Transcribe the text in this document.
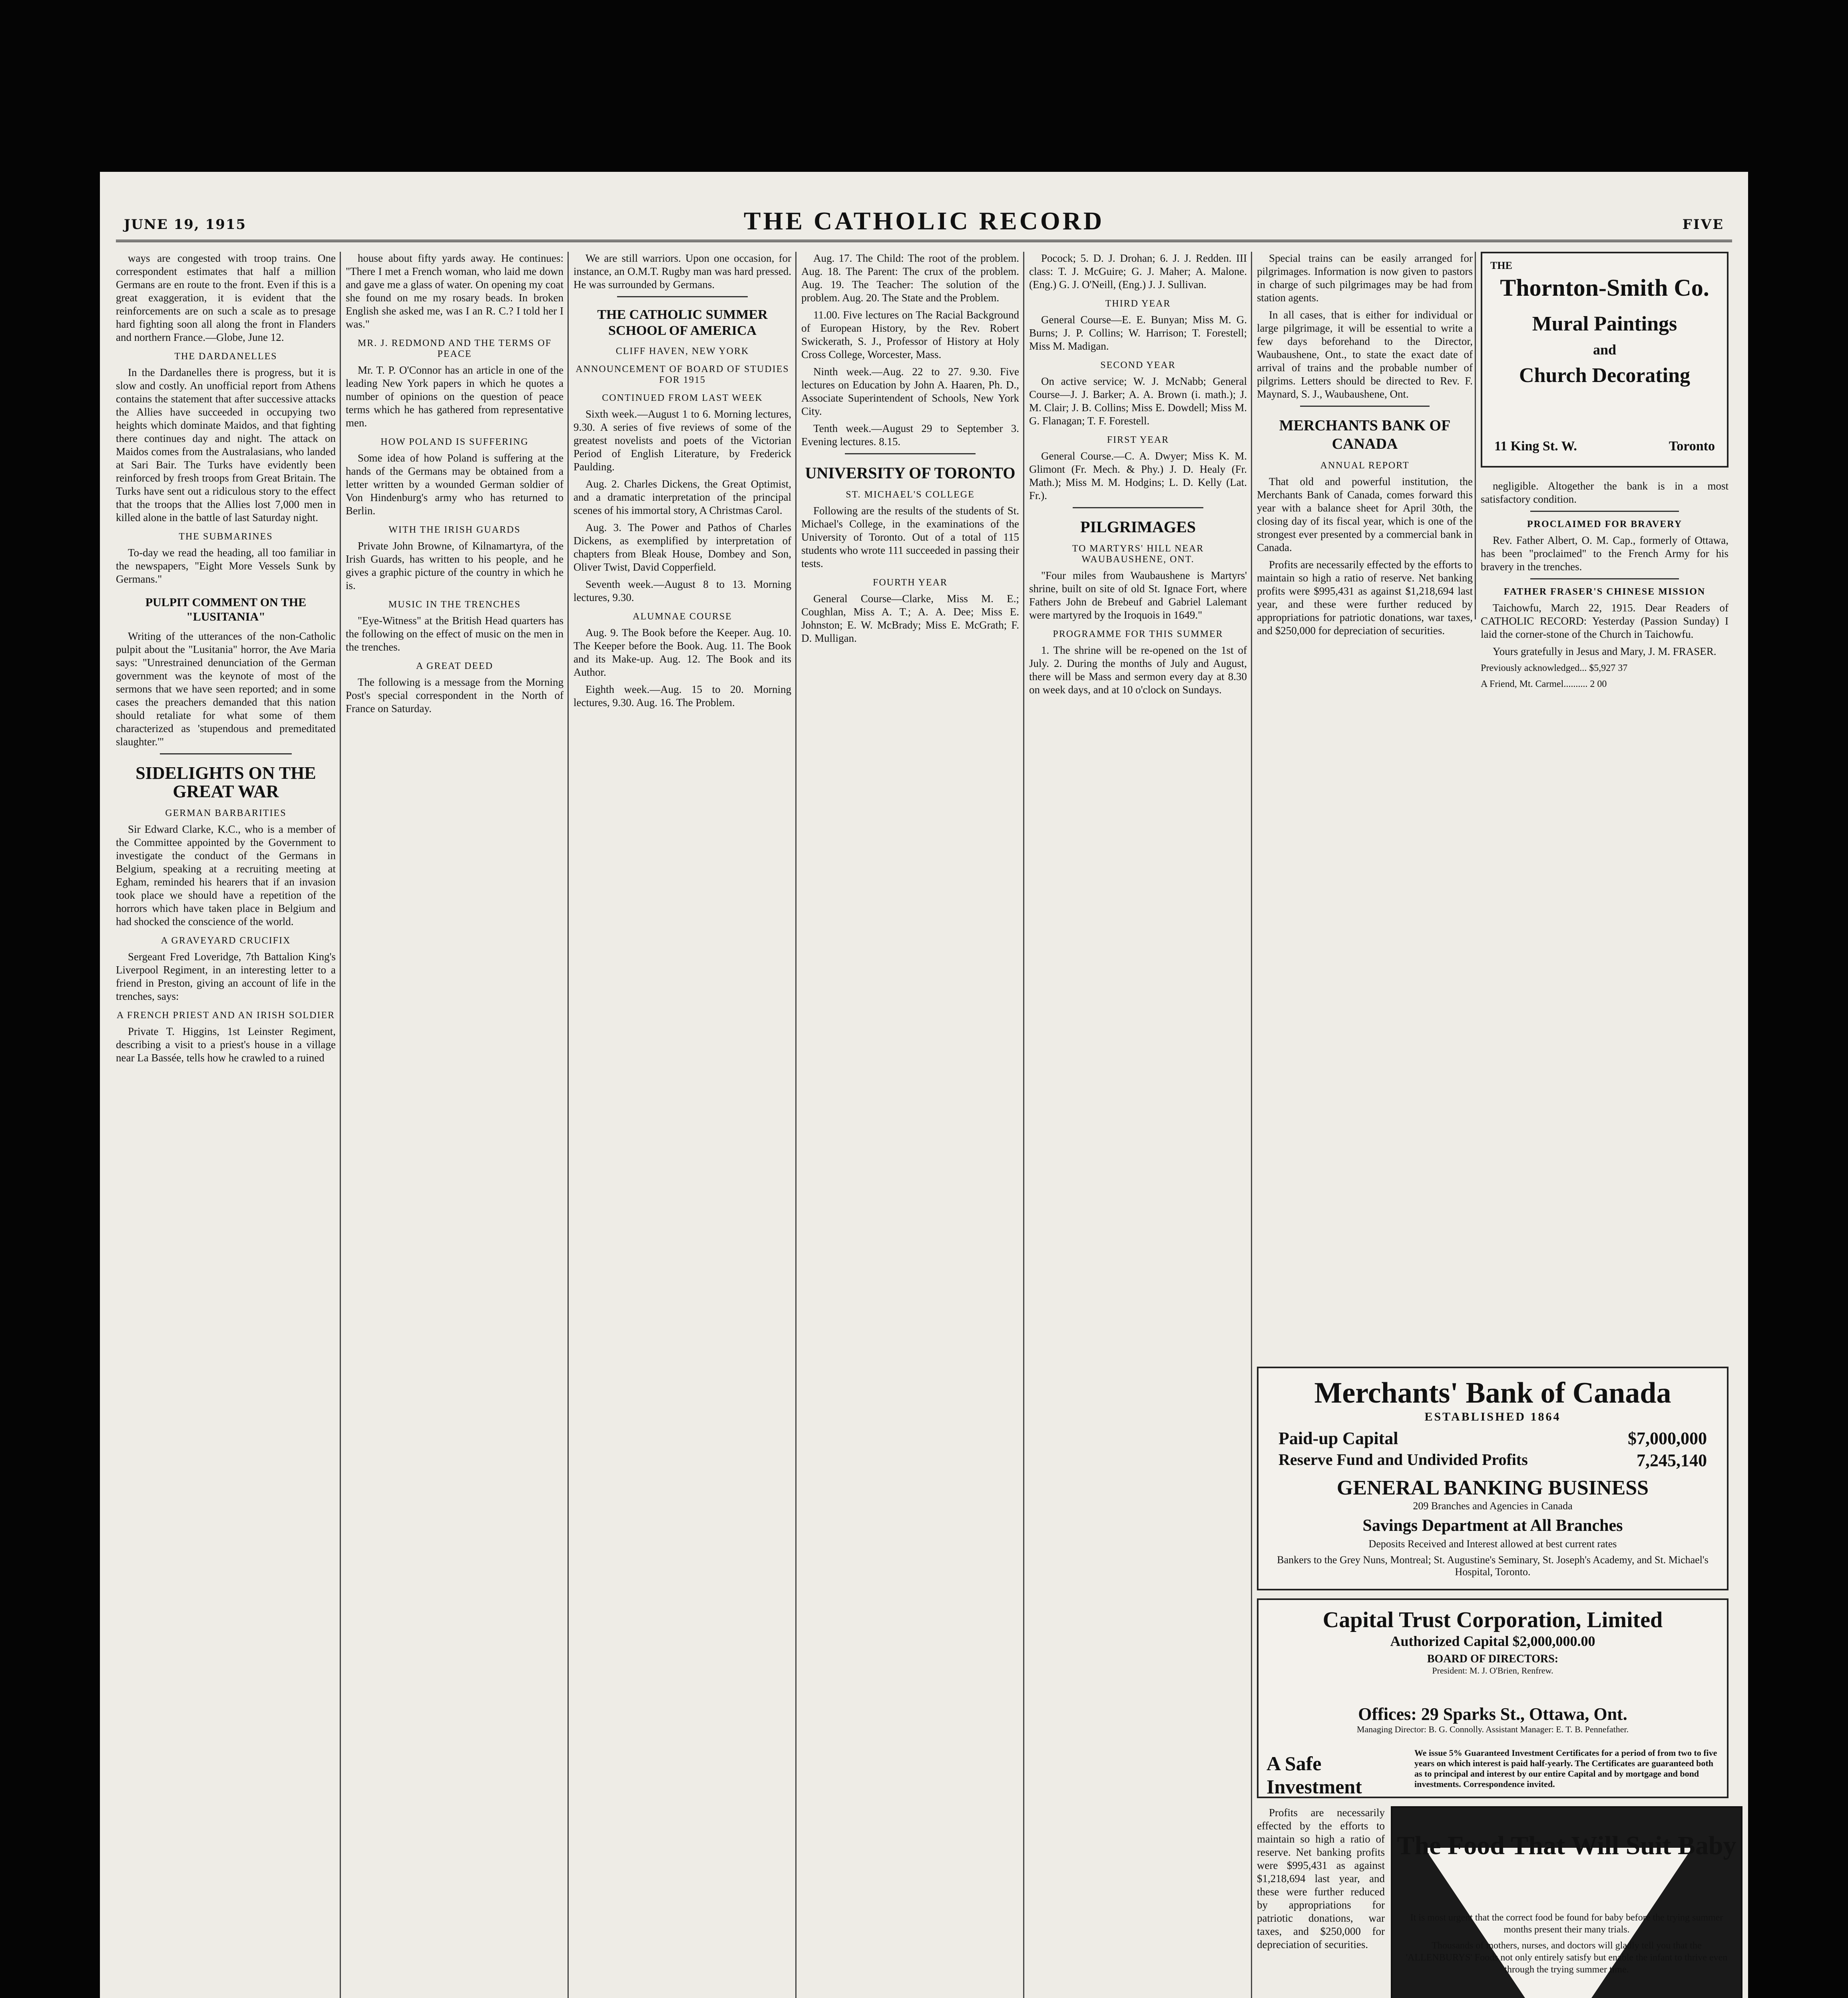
JUNE 19, 1915	THE CATHOLIC RECORD	FIVE

ways are congested with troop trains. One correspondent estimates that half a million Germans are en route to the front. Even if this is a great exaggeration, it is evident that the reinforcements are on such a scale as to presage hard fighting soon all along the front in Flanders and northern France.—Globe, June 12.

THE DARDANELLES

In the Dardanelles there is progress, but it is slow and costly. An unofficial report from Athens contains the statement that after successive attacks the Allies have succeeded in occupying two heights which dominate Maidos, and that fighting there continues day and night. The attack on Maidos comes from the Australasians, who landed at Sari Bair. The Turks have evidently been reinforced by fresh troops from Great Britain. The Turks have sent out a ridiculous story to the effect that the troops that the Allies lost 7,000 men in killed alone in the battle of last Saturday night.

THE SUBMARINES

To-day we read the heading, all too familiar in the newspapers, "Eight More Vessels Sunk by Germans."

PULPIT COMMENT ON THE "LUSITANIA"

Writing of the utterances of the non-Catholic pulpit about the "Lusitania" horror, the Ave Maria says: "Unrestrained denunciation of the German government was the keynote of most of the sermons that we have seen reported; and in some cases the preachers demanded that this nation should retaliate for what some of them characterized as 'stupendous and premeditated slaughter.'"

SIDELIGHTS ON THE GREAT WAR
GERMAN BARBARITIES

Sir Edward Clarke, K.C., who is a member of the Committee appointed by the Government to investigate the conduct of the Germans in Belgium, speaking at a recruiting meeting at Egham, reminded his hearers that if an invasion took place we should have a repetition of the horrors which have taken place in Belgium and had shocked the conscience of the world.

A GRAVEYARD CRUCIFIX

Sergeant Fred Loveridge, 7th Battalion King's Liverpool Regiment, in an interesting letter to a friend in Preston, giving an account of life in the trenches, says:

A FRENCH PRIEST AND AN IRISH SOLDIER

Private T. Higgins, 1st Leinster Regiment, describing a visit to a priest's house in a village near La Bassée, tells how he crawled to a ruined

house about fifty yards away. He continues: "There I met a French woman, who laid me down and gave me a glass of water. On opening my coat she found on me my rosary beads. In broken English she asked me, was I an R. C.? I told her I was."

MR. J. REDMOND AND THE TERMS OF PEACE

Mr. T. P. O'Connor has an article in one of the leading New York papers in which he quotes a number of opinions on the question of peace terms which he has gathered from representative men.

HOW POLAND IS SUFFERING

Some idea of how Poland is suffering at the hands of the Germans may be obtained from a letter written by a wounded German soldier of Von Hindenburg's army who has returned to Berlin.

WITH THE IRISH GUARDS

Private John Browne, of Kilnamartyra, of the Irish Guards, has written to his people, and he gives a graphic picture of the country in which he is.

MUSIC IN THE TRENCHES

"Eye-Witness" at the British Head quarters has the following on the effect of music on the men in the trenches.

A GREAT DEED

The following is a message from the Morning Post's special correspondent in the North of France on Saturday.

We are still warriors. Upon one occasion, for instance, an O.M.T. Rugby man was hard pressed. He was surrounded by Germans.

THE CATHOLIC SUMMER SCHOOL OF AMERICA
CLIFF HAVEN, NEW YORK
ANNOUNCEMENT OF BOARD OF STUDIES FOR 1915
CONTINUED FROM LAST WEEK

Sixth week.—August 1 to 6. Morning lectures, 9.30. A series of five reviews of some of the greatest novelists and poets of the Victorian Period of English Literature, by Frederick Paulding.

Aug. 2. Charles Dickens, the Great Optimist, and a dramatic interpretation of the principal scenes of his immortal story, A Christmas Carol.

Aug. 3. The Power and Pathos of Charles Dickens, as exemplified by interpretation of chapters from Bleak House, Dombey and Son, Oliver Twist, David Copperfield.

Seventh week.—August 8 to 13. Morning lectures, 9.30.

ALUMNAE COURSE

Aug. 9. The Book before the Keeper. Aug. 10. The Keeper before the Book. Aug. 11. The Book and its Make-up. Aug. 12. The Book and its Author.

Eighth week.—Aug. 15 to 20. Morning lectures, 9.30. Aug. 16. The Problem.

Aug. 17. The Child: The root of the problem. Aug. 18. The Parent: The crux of the problem. Aug. 19. The Teacher: The solution of the problem. Aug. 20. The State and the Problem.

11.00. Five lectures on The Racial Background of European History, by the Rev. Robert Swickerath, S. J., Professor of History at Holy Cross College, Worcester, Mass.

Ninth week.—Aug. 22 to 27. 9.30. Five lectures on Education by John A. Haaren, Ph. D., Associate Superintendent of Schools, New York City.

Tenth week.—August 29 to September 3. Evening lectures. 8.15.

UNIVERSITY OF TORONTO
ST. MICHAEL'S COLLEGE

Following are the results of the students of St. Michael's College, in the examinations of the University of Toronto. Out of a total of 115 students who wrote 111 succeeded in passing their tests.

FOURTH YEAR

General Course—Clarke, Miss M. E.; Coughlan, Miss A. T.; A. A. Dee; Miss E. Johnston; E. W. McBrady; Miss E. McGrath; F. D. Mulligan.

Pocock; 5. D. J. Drohan; 6. J. J. Redden. III class: T. J. McGuire; G. J. Maher; A. Malone. (Eng.) G. J. O'Neill, (Eng.) J. J. Sullivan.

THIRD YEAR

General Course—E. E. Bunyan; Miss M. G. Burns; J. P. Collins; W. Harrison; T. Forestell; Miss M. Madigan.

SECOND YEAR

On active service; W. J. McNabb; General Course—J. J. Barker; A. A. Brown (i. math.); J. M. Clair; J. B. Collins; Miss E. Dowdell; Miss M. G. Flanagan; T. F. Forestell.

FIRST YEAR

General Course.—C. A. Dwyer; Miss K. M. Glimont (Fr. Mech. & Phy.) J. D. Healy (Fr. Math.); Miss M. M. Hodgins; L. D. Kelly (Lat. Fr.).

PILGRIMAGES
TO MARTYRS' HILL NEAR WAUBAUSHENE, ONT.

"Four miles from Waubaushene is Martyrs' shrine, built on site of old St. Ignace Fort, where Fathers John de Brebeuf and Gabriel Lalemant were martyred by the Iroquois in 1649."

PROGRAMME FOR THIS SUMMER

1. The shrine will be re-opened on the 1st of July. 2. During the months of July and August, there will be Mass and sermon every day at 8.30 on week days, and at 10 o'clock on Sundays.

Special trains can be easily arranged for pilgrimages. Information is now given to pastors in charge of such pilgrimages may be had from station agents.

In all cases, that is either for individual or large pilgrimage, it will be essential to write a few days beforehand to the Director, Waubaushene, Ont., to state the exact date of arrival of trains and the probable number of pilgrims. Letters should be directed to Rev. F. Maynard, S. J., Waubaushene, Ont.

MERCHANTS BANK OF CANADA
ANNUAL REPORT

That old and powerful institution, the Merchants Bank of Canada, comes forward this year with a balance sheet for April 30th, the closing day of its fiscal year, which is one of the strongest ever presented by a commercial bank in Canada.

Profits are necessarily effected by the efforts to maintain so high a ratio of reserve. Net banking profits were $995,431 as against $1,218,694 last year, and these were further reduced by appropriations for patriotic donations, war taxes, and $250,000 for depreciation of securities.

THE
Thornton-Smith Co.
Mural Paintings
and
Church Decorating
11 King St. W.	Toronto

negligible. Altogether the bank is in a most satisfactory condition.

PROCLAIMED FOR BRAVERY

Rev. Father Albert, O. M. Cap., formerly of Ottawa, has been "proclaimed" to the French Army for his bravery in the trenches.

FATHER FRASER'S CHINESE MISSION

Taichowfu, March 22, 1915. Dear Readers of CATHOLIC RECORD: Yesterday (Passion Sunday) I laid the corner-stone of the Church in Taichowfu.

Yours gratefully in Jesus and Mary, J. M. FRASER.

Previously acknowledged... $5,927 37

A Friend, Mt. Carmel.......... 2 00

Merchants' Bank of Canada
ESTABLISHED 1864
Paid-up Capital	$7,000,000
Reserve Fund and Undivided Profits	7,245,140
GENERAL BANKING BUSINESS
209 Branches and Agencies in Canada
Savings Department at All Branches
Deposits Received and Interest allowed at best current rates
Bankers to the Grey Nuns, Montreal; St. Augustine's Seminary, St. Joseph's Academy, and St. Michael's Hospital, Toronto.
Capital Trust Corporation, Limited
Authorized Capital $2,000,000.00
BOARD OF DIRECTORS:
President: M. J. O'Brien, Renfrew.
Offices: 29 Sparks St., Ottawa, Ont.
Managing Director: B. G. Connolly. Assistant Manager: E. T. B. Pennefather.
A Safe Investment
We issue 5% Guaranteed Investment Certificates for a period of from two to five years on which interest is paid half-yearly. The Certificates are guaranteed both as to principal and interest by our entire Capital and by mortgage and bond investments. Correspondence invited.

Profits are necessarily effected by the efforts to maintain so high a ratio of reserve. Net banking profits were $995,431 as against $1,218,694 last year, and these were further reduced by appropriations for patriotic donations, war taxes, and $250,000 for depreciation of securities.

The Food That Will Suit Baby

It is most urgent that the correct food be found for baby before the trying summer months present their many trials.

Thousands of mothers, nurses, and doctors will gladly tell you that the 'ALLENBURYS' Foods not only entirely satisfy but enable the infant to thrive even through the trying summer time.
